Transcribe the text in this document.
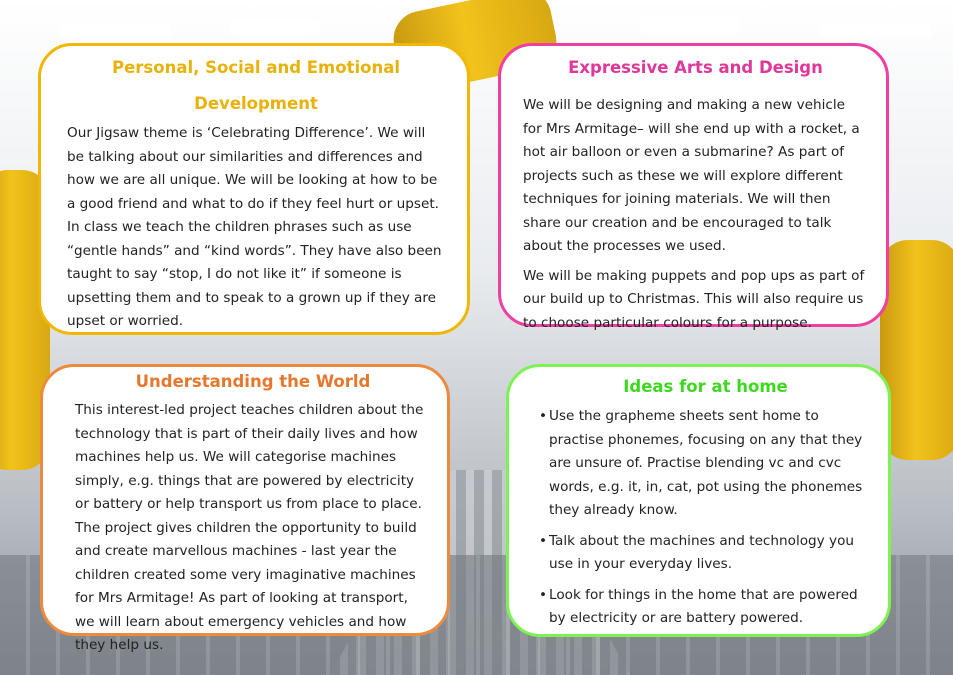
Personal, Social and Emotional
Development

Our Jigsaw theme is ‘Celebrating Difference’. We will be talking about our similarities and differences and how we are all unique. We will be looking at how to be a good friend and what to do if they feel hurt or upset. In class we teach the children phrases such as use “gentle hands” and “kind words”. They have also been taught to say “stop, I do not like it” if someone is upsetting them and to speak to a grown up if they are upset or worried.

Expressive Arts and Design

We will be designing and making a new vehicle for Mrs Armitage– will she end up with a rocket, a hot air balloon or even a submarine? As part of projects such as these we will explore different techniques for joining materials. We will then share our creation and be encouraged to talk about the processes we used.

We will be making puppets and pop ups as part of our build up to Christmas. This will also require us to choose particular colours for a purpose.

Understanding the World

This interest-led project teaches children about the technology that is part of their daily lives and how machines help us. We will categorise machines simply, e.g. things that are powered by electricity or battery or help transport us from place to place. The project gives children the opportunity to build and create marvellous machines - last year the children created some very imaginative machines for Mrs Armitage! As part of looking at transport, we will learn about emergency vehicles and how they help us.

Ideas for at home
• Use the grapheme sheets sent home to practise phonemes, focusing on any that they are unsure of. Practise blending vc and cvc words, e.g. it, in, cat, pot using the phonemes they already know.
• Talk about the machines and technology you use in your everyday lives.
• Look for things in the home that are powered by electricity or are battery powered.
